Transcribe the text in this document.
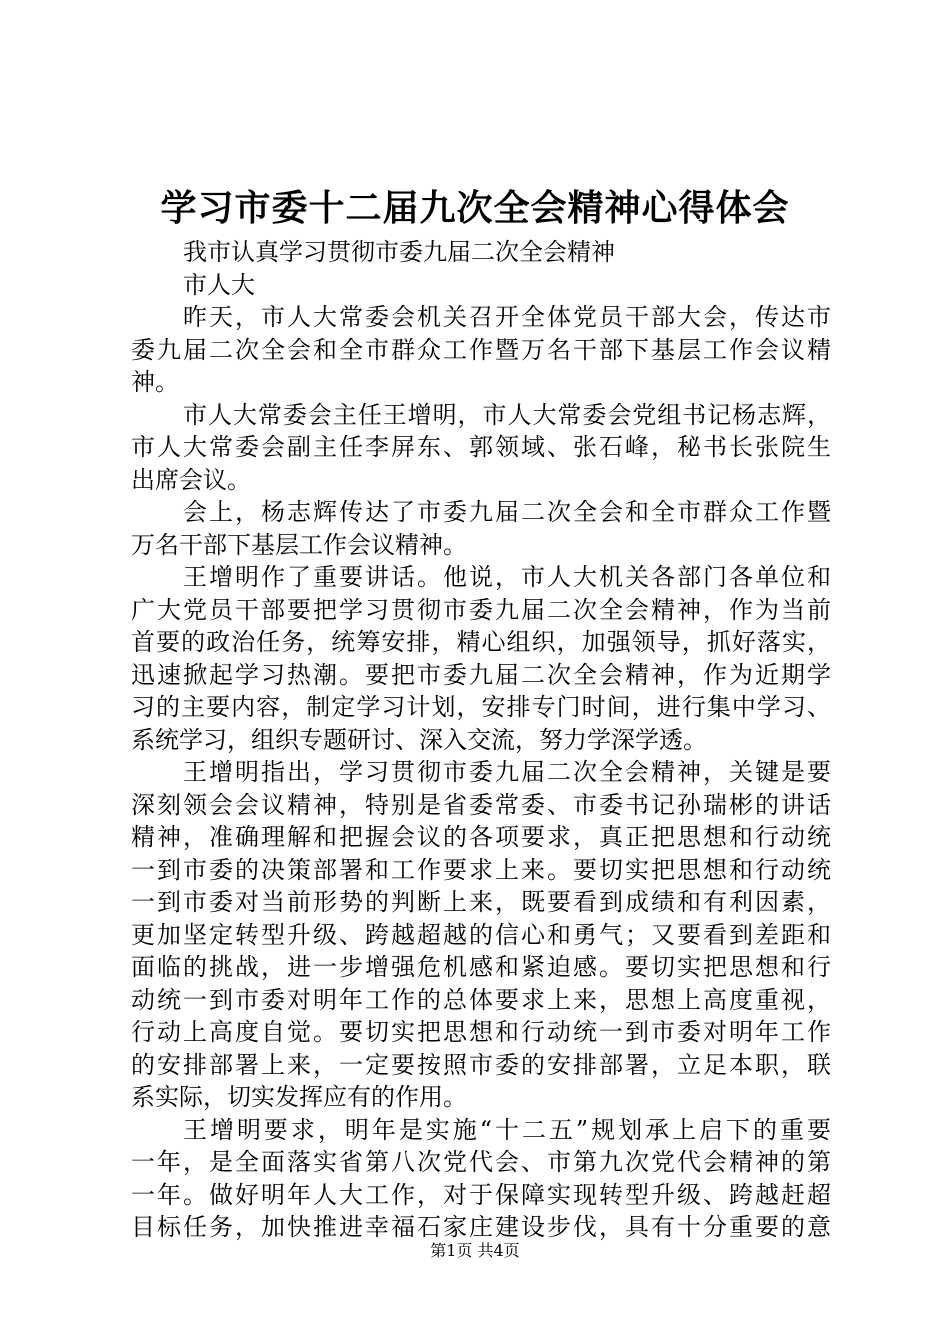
学习市委十二届九次全会精神心得体会
我市认真学习贯彻市委九届二次全会精神
市人大
昨天，市人大常委会机关召开全体党员干部大会，传达市
委九届二次全会和全市群众工作暨万名干部下基层工作会议精
神。
市人大常委会主任王增明，市人大常委会党组书记杨志辉，
市人大常委会副主任李屏东、郭领域、张石峰，秘书长张院生
出席会议。
会上，杨志辉传达了市委九届二次全会和全市群众工作暨
万名干部下基层工作会议精神。
王增明作了重要讲话。他说，市人大机关各部门各单位和
广大党员干部要把学习贯彻市委九届二次全会精神，作为当前
首要的政治任务，统筹安排，精心组织，加强领导，抓好落实，
迅速掀起学习热潮。要把市委九届二次全会精神，作为近期学
习的主要内容，制定学习计划，安排专门时间，进行集中学习、
系统学习，组织专题研讨、深入交流，努力学深学透。
王增明指出，学习贯彻市委九届二次全会精神，关键是要
深刻领会会议精神，特别是省委常委、市委书记孙瑞彬的讲话
精神，准确理解和把握会议的各项要求，真正把思想和行动统
一到市委的决策部署和工作要求上来。要切实把思想和行动统
一到市委对当前形势的判断上来，既要看到成绩和有利因素，
更加坚定转型升级、跨越超越的信心和勇气；又要看到差距和
面临的挑战，进一步增强危机感和紧迫感。要切实把思想和行
动统一到市委对明年工作的总体要求上来，思想上高度重视，
行动上高度自觉。要切实把思想和行动统一到市委对明年工作
的安排部署上来，一定要按照市委的安排部署，立足本职，联
系实际，切实发挥应有的作用。
王增明要求，明年是实施“十二五”规划承上启下的重要
一年，是全面落实省第八次党代会、市第九次党代会精神的第
一年。做好明年人大工作，对于保障实现转型升级、跨越赶超
目标任务，加快推进幸福石家庄建设步伐，具有十分重要的意
第1页 共4页
